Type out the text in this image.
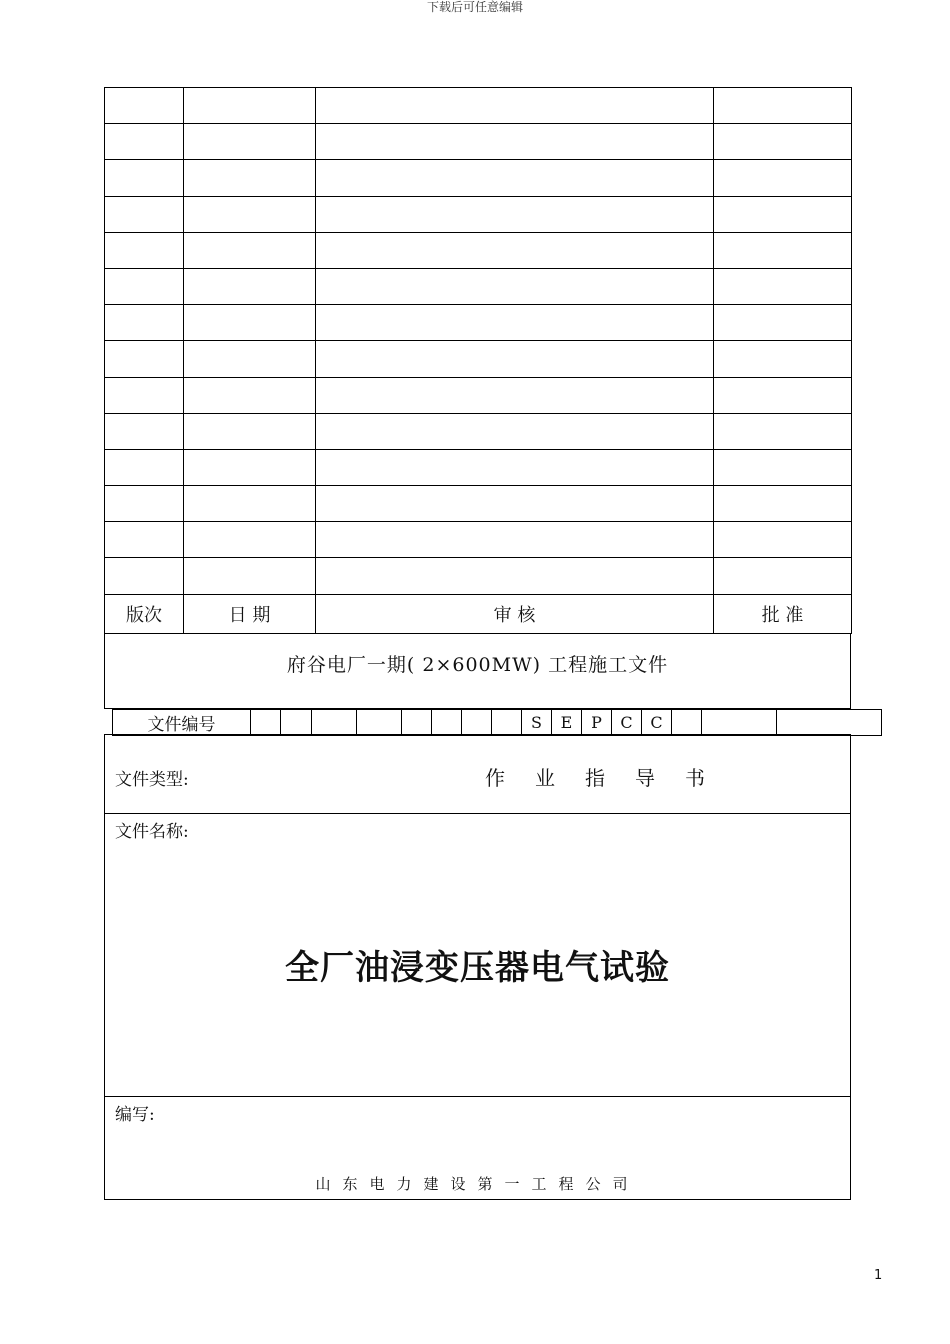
下载后可任意编辑

版次	日 期	审 核	批 准
府谷电厂一期( 2×600MW) 工程施工文件
文件编号									S	E	P	C	C			
文件类型:	作业指导书
文件名称:
全厂油浸变压器电气试验
编写:
山东电力建设第一工程公司
1
